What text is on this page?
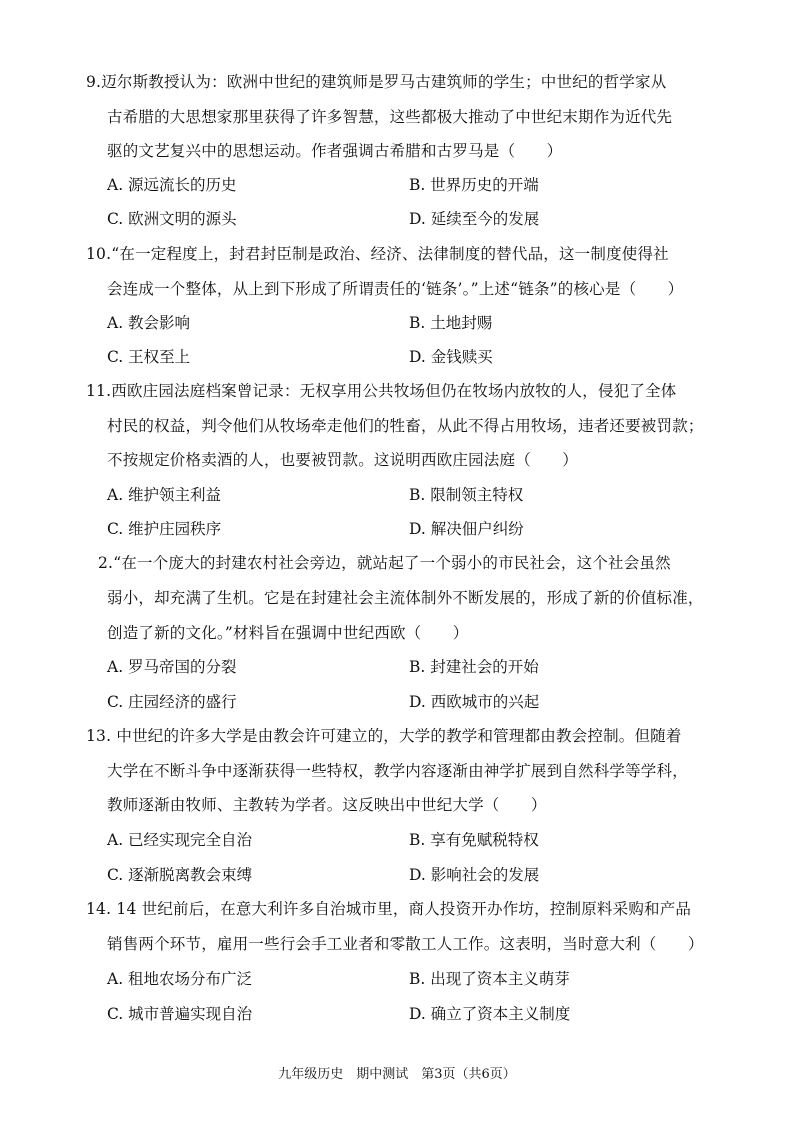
9.迈尔斯教授认为：欧洲中世纪的建筑师是罗马古建筑师的学生；中世纪的哲学家从
古希腊的大思想家那里获得了许多智慧，这些都极大推动了中世纪末期作为近代先
驱的文艺复兴中的思想运动。作者强调古希腊和古罗马是（　　）
A. 源远流长的历史	B. 世界历史的开端
C. 欧洲文明的源头	D. 延续至今的发展
10.“在一定程度上，封君封臣制是政治、经济、法律制度的替代品，这一制度使得社
会连成一个整体，从上到下形成了所谓责任的‘链条’。”上述“链条”的核心是（　　）
A. 教会影响	B. 土地封赐
C. 王权至上	D. 金钱赎买
11.西欧庄园法庭档案曾记录：无权享用公共牧场但仍在牧场内放牧的人，侵犯了全体
村民的权益，判令他们从牧场牵走他们的牲畜，从此不得占用牧场，违者还要被罚款；
不按规定价格卖酒的人，也要被罚款。这说明西欧庄园法庭（　　）
A. 维护领主利益	B. 限制领主特权
C. 维护庄园秩序	D. 解决佃户纠纷
2.“在一个庞大的封建农村社会旁边，就站起了一个弱小的市民社会，这个社会虽然
弱小，却充满了生机。它是在封建社会主流体制外不断发展的，形成了新的价值标准，
创造了新的文化。”材料旨在强调中世纪西欧（　　）
A. 罗马帝国的分裂	B. 封建社会的开始
C. 庄园经济的盛行	D. 西欧城市的兴起
13. 中世纪的许多大学是由教会许可建立的，大学的教学和管理都由教会控制。但随着
大学在不断斗争中逐渐获得一些特权，教学内容逐渐由神学扩展到自然科学等学科，
教师逐渐由牧师、主教转为学者。这反映出中世纪大学（　　）
A. 已经实现完全自治	B. 享有免赋税特权
C. 逐渐脱离教会束缚	D. 影响社会的发展
14. 14 世纪前后，在意大利许多自治城市里，商人投资开办作坊，控制原料采购和产品
销售两个环节，雇用一些行会手工业者和零散工人工作。这表明，当时意大利（　　）
A. 租地农场分布广泛	B. 出现了资本主义萌芽
C. 城市普遍实现自治	D. 确立了资本主义制度
九年级历史　期中测试　第3页（共6页）
